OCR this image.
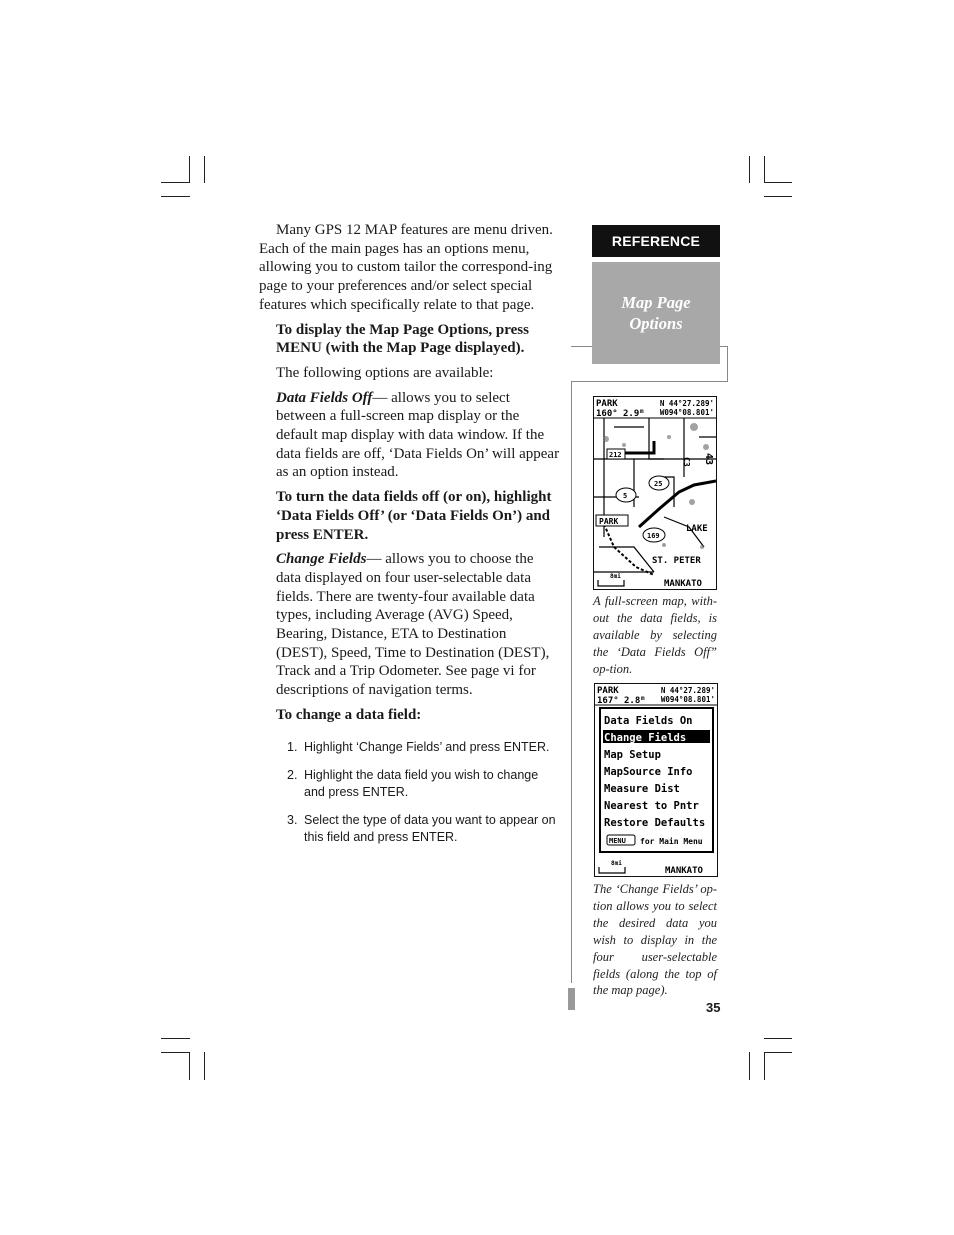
Many GPS 12 MAP features are menu driven. Each of the main pages has an options menu, allowing you to custom tailor the correspond-ing page to your preferences and/or select special features which specifically relate to that page.

To display the Map Page Options, press MENU (with the Map Page displayed).

The following options are available:

Data Fields Off— allows you to select between a full-screen map display or the default map display with data window. If the data fields are off, ‘Data Fields On’ will appear as an option instead.

To turn the data fields off (or on), highlight ‘Data Fields Off’ (or ‘Data Fields On’) and press ENTER.

Change Fields— allows you to choose the data displayed on four user-selectable data fields. There are twenty-four available data types, including Average (AVG) Speed, Bearing, Distance, ETA to Destination (DEST), Speed, Time to Destination (DEST), Track and a Trip Odometer. See page vi for descriptions of navigation terms.

To change a data field:

1. Highlight ‘Change Fields’ and press ENTER.
2. Highlight the data field you wish to change and press ENTER.
3. Select the type of data you want to appear on this field and press ENTER.
REFERENCE
Map Page
Options
PARK
160° 2.9 m
N 44°27.289'
W094°08.801'
212
5
25
169
C3 43
PARK
LAKE
ST. PETER
MANKATO
8mi
A full-screen map, with-out the data fields, is available by selecting the ‘Data Fields Off” op-tion.
PARK
167° 2.8 m
N 44°27.289'
W094°08.801'
Data Fields On
Change Fields
Map Setup
MapSource Info
Measure Dist
Nearest to Pntr
Restore Defaults
MENU for Main Menu
8mi
MANKATO
The ‘Change Fields’ op-tion allows you to select the desired data you wish to display in the four user-selectable fields (along the top of the map page).
35
